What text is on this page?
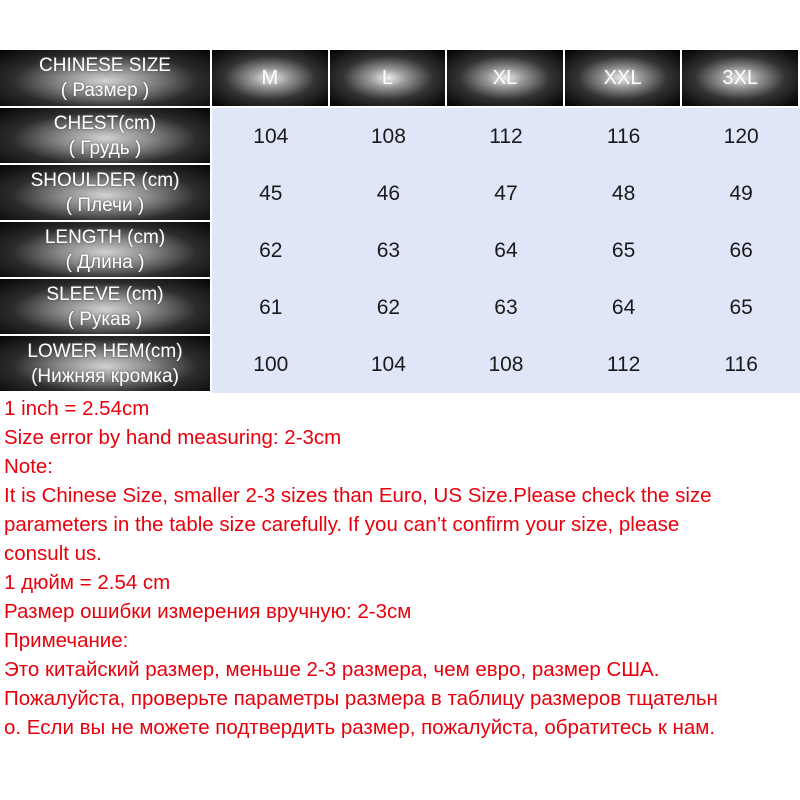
CHINESE SIZE
( Размер )
M	L	XL	XXL	3XL
CHEST(cm)
( Грудь )
104	108	112	116	120
SHOULDER (cm)
( Плечи )
45	46	47	48	49
LENGTH (cm)
( Длина )
62	63	64	65	66
SLEEVE (cm)
( Рукав )
61	62	63	64	65
LOWER HEM(cm)
(Нижняя кромка)
100	104	108	112	116
1 inch = 2.54cm
Size error by hand measuring: 2-3cm
Note:
It is Chinese Size, smaller 2-3 sizes than Euro, US Size.Please check the size
parameters in the table size carefully. If you can’t confirm your size, please
consult us.
1 дюйм = 2.54 cm
Размер ошибки измерения вручную: 2-3см
Примечание:
Это китайский размер, меньше 2-3 размера, чем евро, размер США.
Пожалуйста, проверьте параметры размера в таблицу размеров тщательн
о. Если вы не можете подтвердить размер, пожалуйста, обратитесь к нам.
